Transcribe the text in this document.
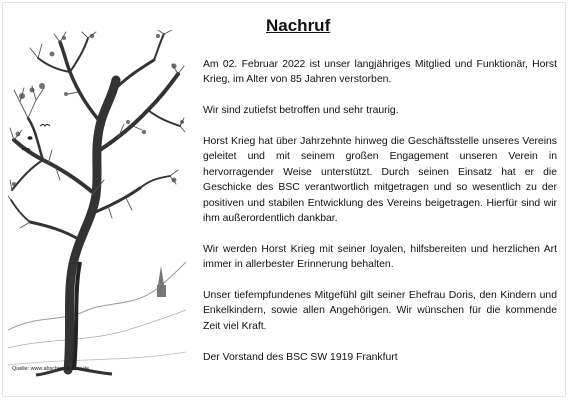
Quelle: www.abschiedstrauer.de
Nachruf

Am 02. Februar 2022 ist unser langjähriges Mitglied und Funktionär, Horst Krieg, im Alter von 85 Jahren verstorben.

Wir sind zutiefst betroffen und sehr traurig.

Horst Krieg hat über Jahrzehnte hinweg die Geschäftsstelle unseres Vereins geleitet und mit seinem großen Engagement unseren Verein in hervorragender Weise unterstützt. Durch seinen Einsatz hat er die Geschicke des BSC verantwortlich mitgetragen und so wesentlich zu der positiven und stabilen Entwicklung des Vereins beigetragen. Hierfür sind wir ihm außerordentlich dankbar.

Wir werden Horst Krieg mit seiner loyalen, hilfsbereiten und herzlichen Art immer in allerbester Erinnerung behalten.

Unser tiefempfundenes Mitgefühl gilt seiner Ehefrau Doris, den Kindern und Enkelkindern, sowie allen Angehörigen. Wir wünschen für die kommende Zeit viel Kraft.

Der Vorstand des BSC SW 1919 Frankfurt
